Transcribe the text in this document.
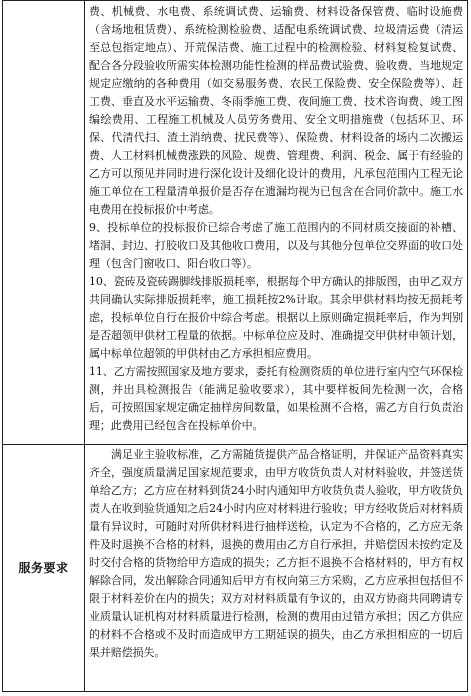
费、机械费、水电费、系统调试费、运输费、材料设备保管费、临时设施费（含场地租赁费）、系统检测检验费、适配电系统调试费、垃圾清运费（清运至总包指定地点）、开荒保洁费、施工过程中的检测检验、材料复检复试费、配合各分段验收所需实体检测功能性检测的样品费试验费、验收费、当地规定规定应缴纳的各种费用（如交易服务费、农民工保险费、安全保险费等）、赶工费、垂直及水平运输费、冬雨季施工费、夜间施工费、技术咨询费、竣工图编绘费用、工程施工机械及人员劳务费用、安全文明措施费（包括环卫、环保、代清代扫、渣土消纳费、扰民费等）、保险费、材料设备的场内二次搬运费、人工材料机械费涨跌的风险、规费、管理费、利润、税金、属于有经验的乙方可以预见并同时进行深化设计及细化设计的费用，凡承包范围内工程无论施工单位在工程量清单报价是否存在遗漏均视为已包含在合同价款中。施工水电费用在投标报价中考虑。

9、投标单位的投标报价已综合考虑了施工范围内的不同材质交接面的补槽、堵洞、封边、打胶收口及其他收口费用，以及与其他分包单位交界面的收口处理（包含门窗收口、阳台收口等）。

10、瓷砖及瓷砖踢脚线排版损耗率，根据每个甲方确认的排版图，由甲乙双方共同确认实际排版损耗率，施工损耗按2%计取。其余甲供材料均按无损耗考虑，投标单位自行在报价中综合考虑。根据以上原则确定损耗率后，作为判别是否超领甲供材工程量的依据。中标单位应及时、准确提交甲供材申领计划，属中标单位超领的甲供材由乙方承担相应费用。

11、乙方需按照国家及地方要求，委托有检测资质的单位进行室内空气环保检测，并出具检测报告（能满足验收要求），其中要样板间先检测一次，合格后，可按照国家规定确定抽样房间数量，如果检测不合格，需乙方自行负责治理；此费用已经包含在投标单价中。

服务要求

满足业主验收标准，乙方需随货提供产品合格证明，并保证产品资料真实齐全，强度质量满足国家规范要求，由甲方收货负责人对材料验收，并签送货单给乙方；乙方应在材料到货24小时内通知甲方收货负责人验收，甲方收货负责人在收到验货通知之后24小时内应对材料进行验收；甲方经收货后对材料质量有异议时，可随时对所供材料进行抽样送检，认定为不合格的，乙方应无条件及时退换不合格的材料，退换的费用由乙方自行承担，并赔偿因未按约定及时交付合格的货物给甲方造成的损失；乙方拒不退换不合格材料的，甲方有权解除合同，发出解除合同通知后甲方有权向第三方采购，乙方应承担包括但不限于材料差价在内的损失；双方对材料质量有争议的，由双方协商共同聘请专业质量认证机构对材料质量进行检测，检测的费用由过错方承担；因乙方供应的材料不合格或不及时而造成甲方工期延误的损失，由乙方承担相应的一切后果并赔偿损失。
